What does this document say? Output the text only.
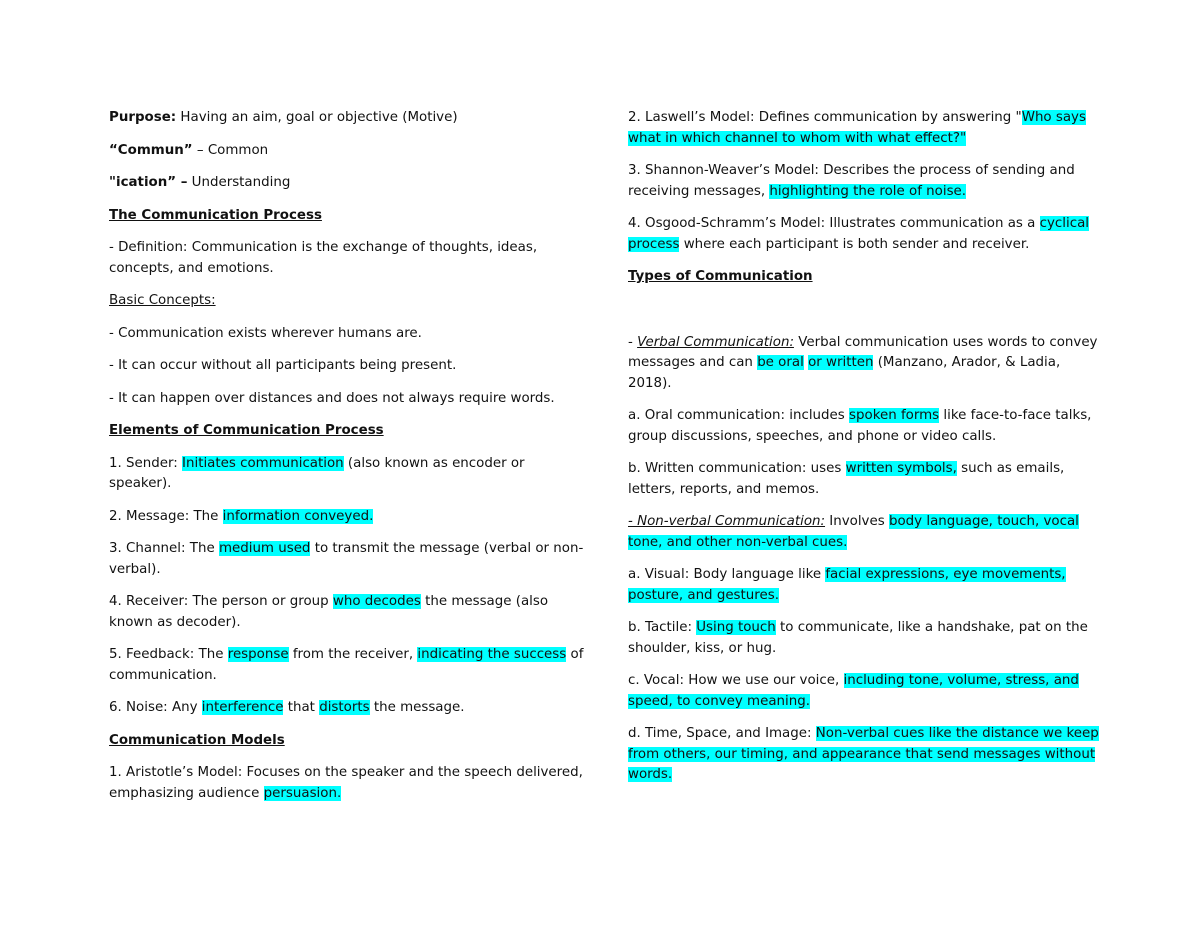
Purpose: Having an aim, goal or objective (Motive)

“Commun” – Common

"ication” – Understanding

The Communication Process

- Definition: Communication is the exchange of thoughts, ideas, concepts, and emotions.

Basic Concepts:

- Communication exists wherever humans are.

- It can occur without all participants being present.

- It can happen over distances and does not always require words.

Elements of Communication Process

1. Sender: Initiates communication (also known as encoder or speaker).

2. Message: The information conveyed.

3. Channel: The medium used to transmit the message (verbal or non-verbal).

4. Receiver: The person or group who decodes the message (also known as decoder).

5. Feedback: The response from the receiver, indicating the success of communication.

6. Noise: Any interference that distorts the message.

Communication Models

1. Aristotle’s Model: Focuses on the speaker and the speech delivered, emphasizing audience persuasion.

2. Laswell’s Model: Defines communication by answering "Who says what in which channel to whom with what effect?"

3. Shannon-Weaver’s Model: Describes the process of sending and receiving messages, highlighting the role of noise.

4. Osgood-Schramm’s Model: Illustrates communication as a cyclical process where each participant is both sender and receiver.

Types of Communication

- Verbal Communication: Verbal communication uses words to convey messages and can be oral or written (Manzano, Arador, & Ladia, 2018).

a. Oral communication: includes spoken forms like face-to-face talks, group discussions, speeches, and phone or video calls.

b. Written communication: uses written symbols, such as emails, letters, reports, and memos.

- Non-verbal Communication: Involves body language, touch, vocal tone, and other non-verbal cues.

a. Visual: Body language like facial expressions, eye movements, posture, and gestures.

b. Tactile: Using touch to communicate, like a handshake, pat on the shoulder, kiss, or hug.

c. Vocal: How we use our voice, including tone, volume, stress, and speed, to convey meaning.

d. Time, Space, and Image: Non-verbal cues like the distance we keep from others, our timing, and appearance that send messages without words.
